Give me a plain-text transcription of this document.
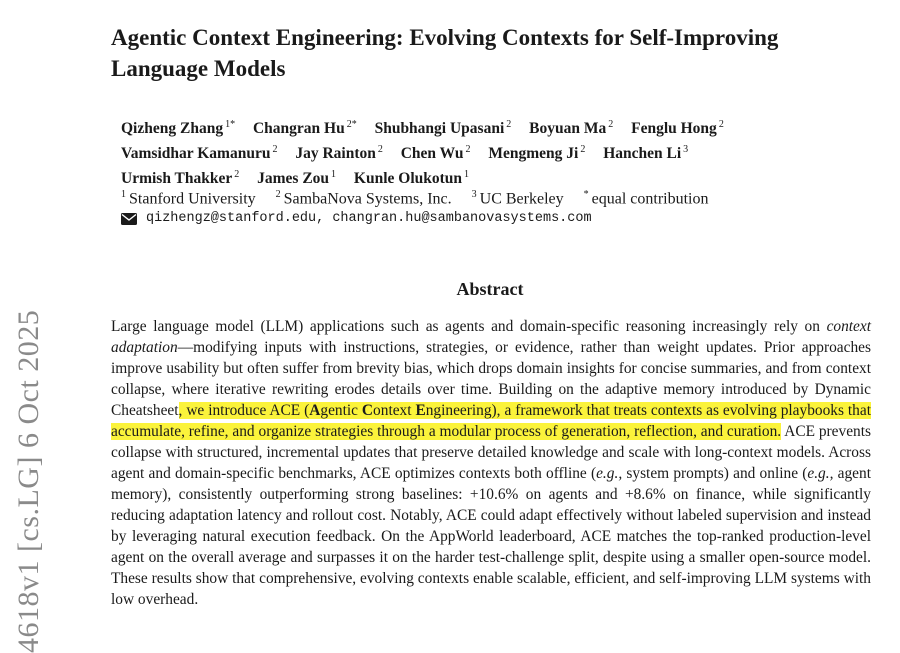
4618v1 [cs.LG] 6 Oct 2025
Agentic Context Engineering: Evolving Contexts for Self-Improving Language Models
Qizheng Zhang $^{1*}$ Changran Hu $^{2*}$ Shubhangi Upasani $^2$ Boyuan Ma $^2$ Fenglu Hong $^2$
Vamsidhar Kamanuru $^2$ Jay Rainton $^2$ Chen Wu $^2$ Mengmeng Ji $^2$ Hanchen Li $^3$
Urmish Thakker $^2$ James Zou $^1$ Kunle Olukotun $^1$
$^1$ Stanford University $^2$ SambaNova Systems, Inc. $^3$ UC Berkeley * equal contribution
qizhengz@stanford.edu, changran.hu@sambanovasystems.com
Abstract

Large language model (LLM) applications such as agents and domain-specific reasoning increasingly rely on context adaptation—modifying inputs with instructions, strategies, or evidence, rather than weight updates. Prior approaches improve usability but often suffer from brevity bias, which drops domain insights for concise summaries, and from context collapse, where iterative rewriting erodes details over time. Building on the adaptive memory introduced by Dynamic Cheatsheet, we introduce ACE (Agentic Context Engineering), a framework that treats contexts as evolving playbooks that accumulate, refine, and organize strategies through a modular process of generation, reflection, and curation. ACE prevents collapse with structured, incremental updates that preserve detailed knowledge and scale with long-context models. Across agent and domain-specific benchmarks, ACE optimizes contexts both offline (e.g., system prompts) and online (e.g., agent memory), consistently outperforming strong baselines: +10.6% on agents and +8.6% on finance, while significantly reducing adaptation latency and rollout cost. Notably, ACE could adapt effectively without labeled supervision and instead by leveraging natural execution feedback. On the AppWorld leaderboard, ACE matches the top-ranked production-level agent on the overall average and surpasses it on the harder test-challenge split, despite using a smaller open-source model. These results show that comprehensive, evolving contexts enable scalable, efficient, and self-improving LLM systems with low overhead.
